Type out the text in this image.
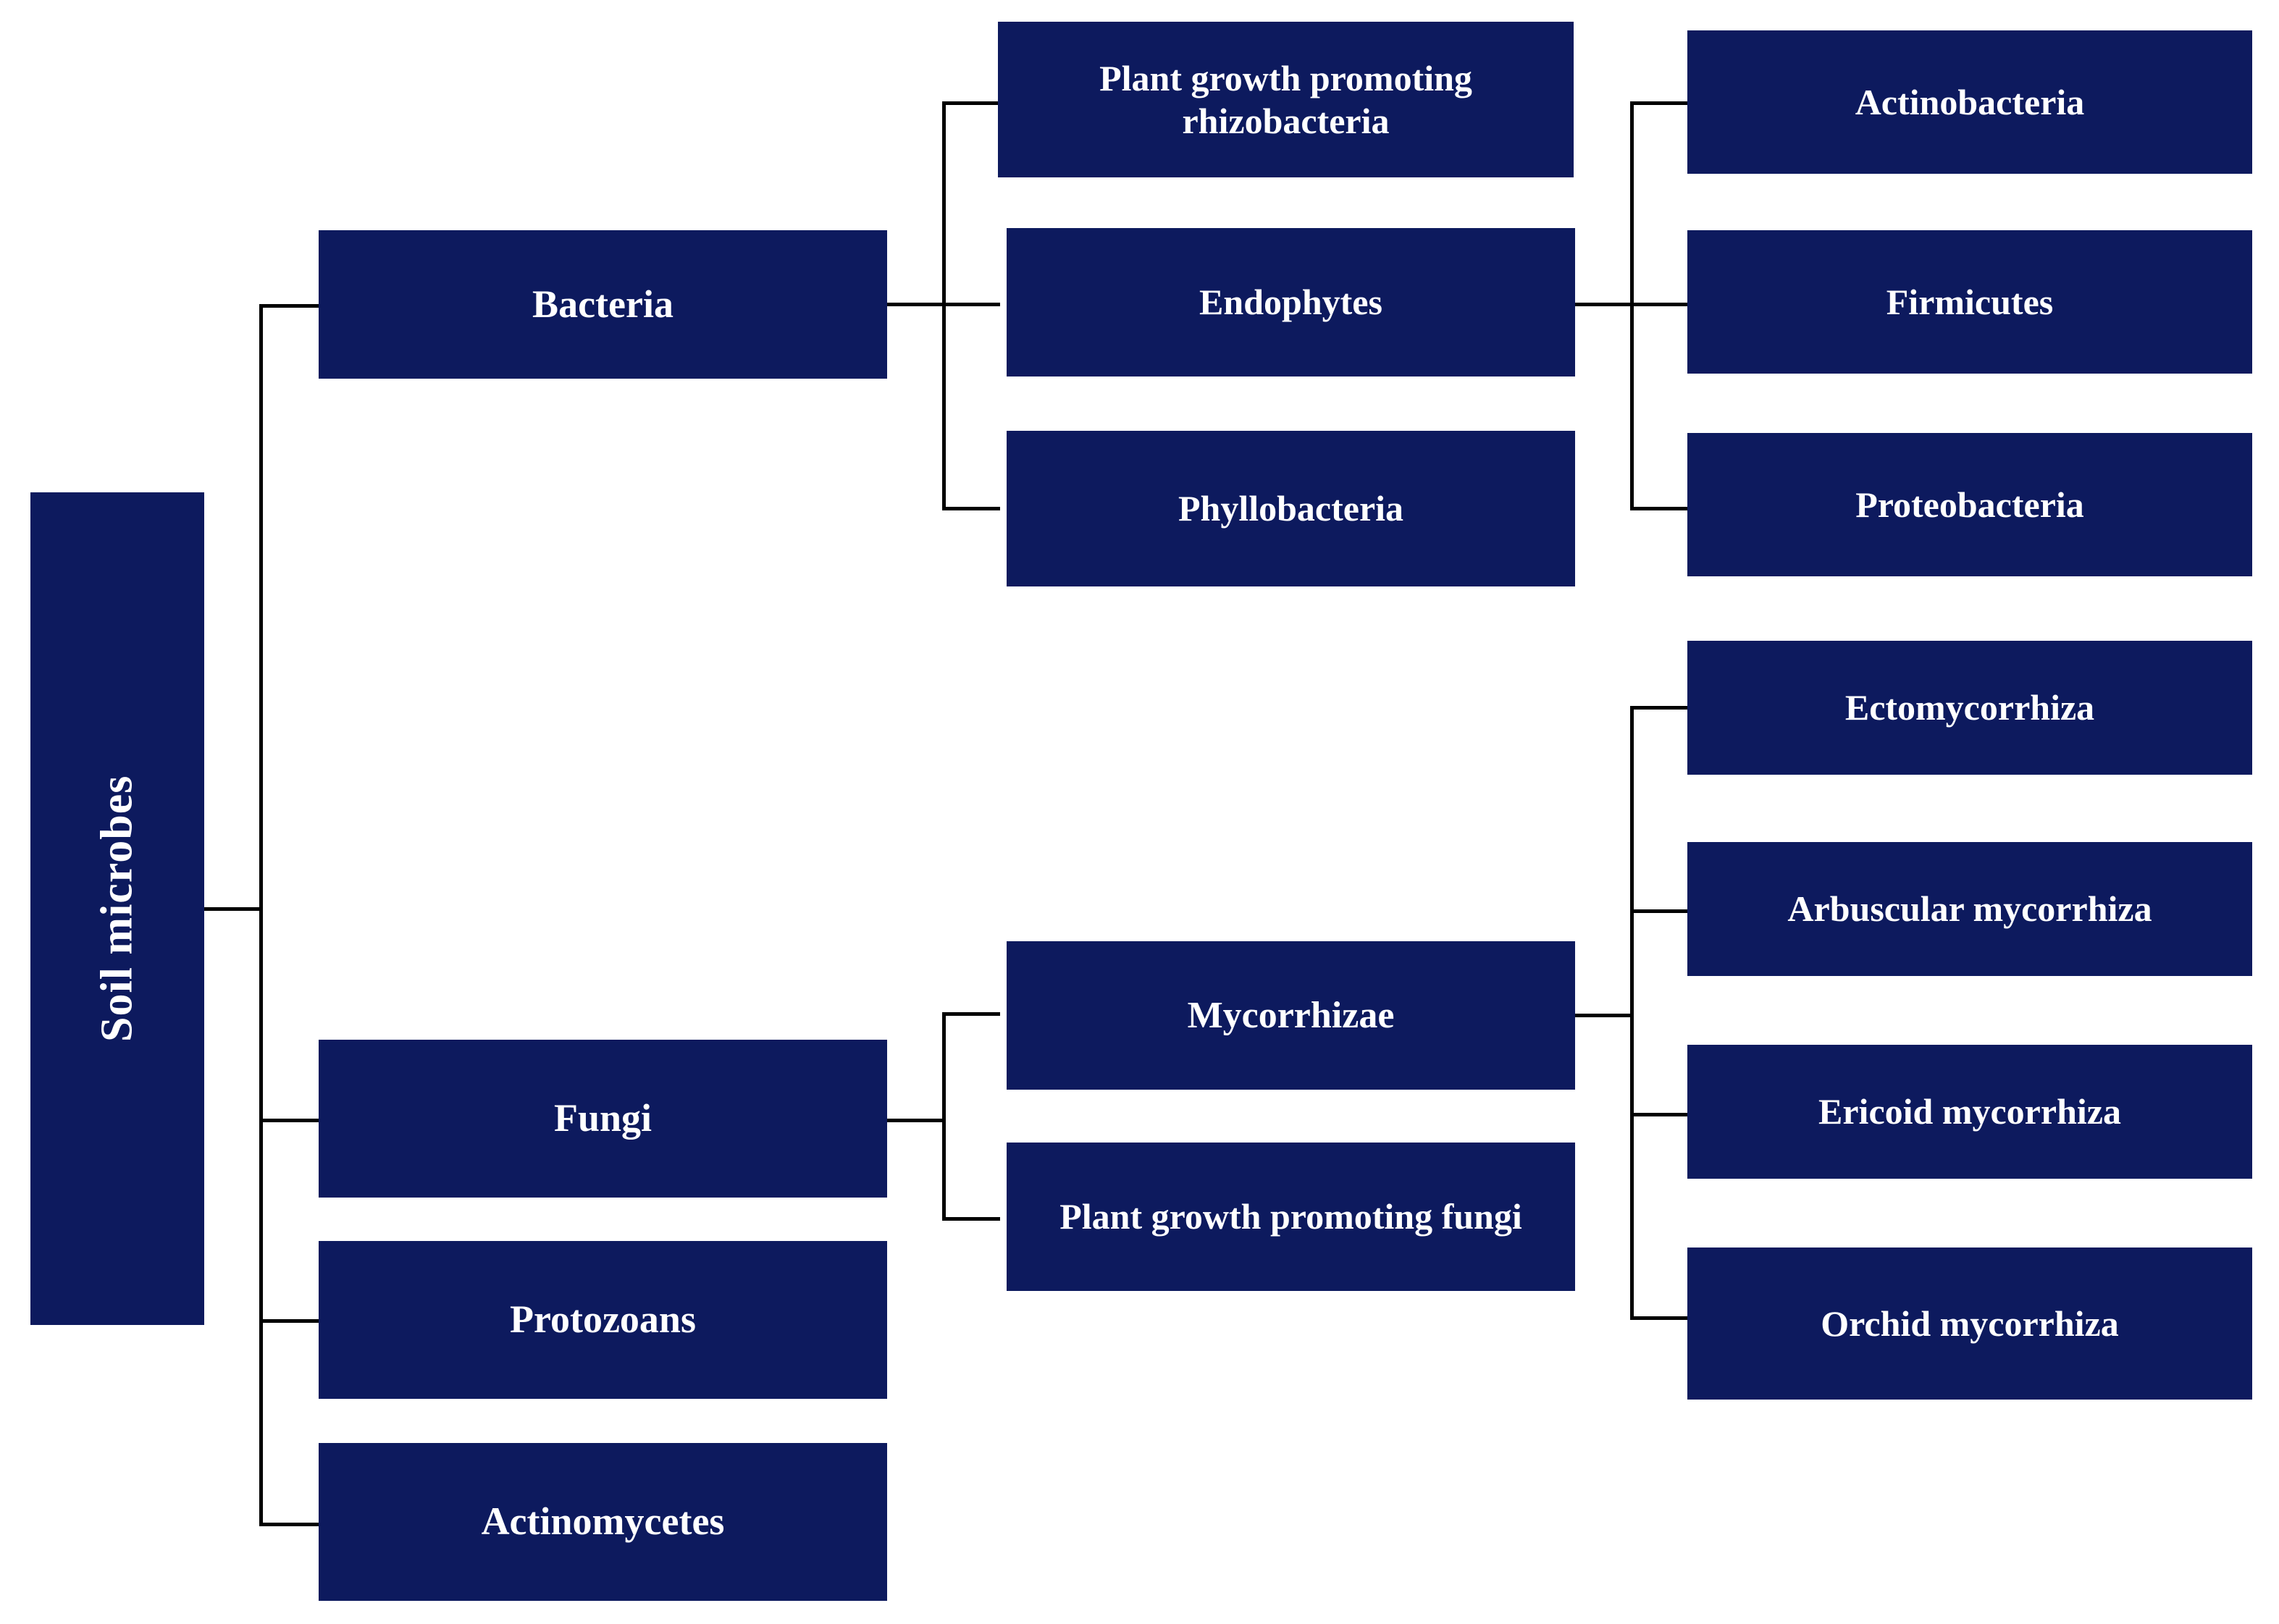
Soil microbes
Bacteria
Fungi
Protozoans
Actinomycetes
Plant growth promoting rhizobacteria
Endophytes
Phyllobacteria
Actinobacteria
Firmicutes
Proteobacteria
Mycorrhizae
Plant growth promoting fungi
Ectomycorrhiza
Arbuscular mycorrhiza
Ericoid mycorrhiza
Orchid mycorrhiza
